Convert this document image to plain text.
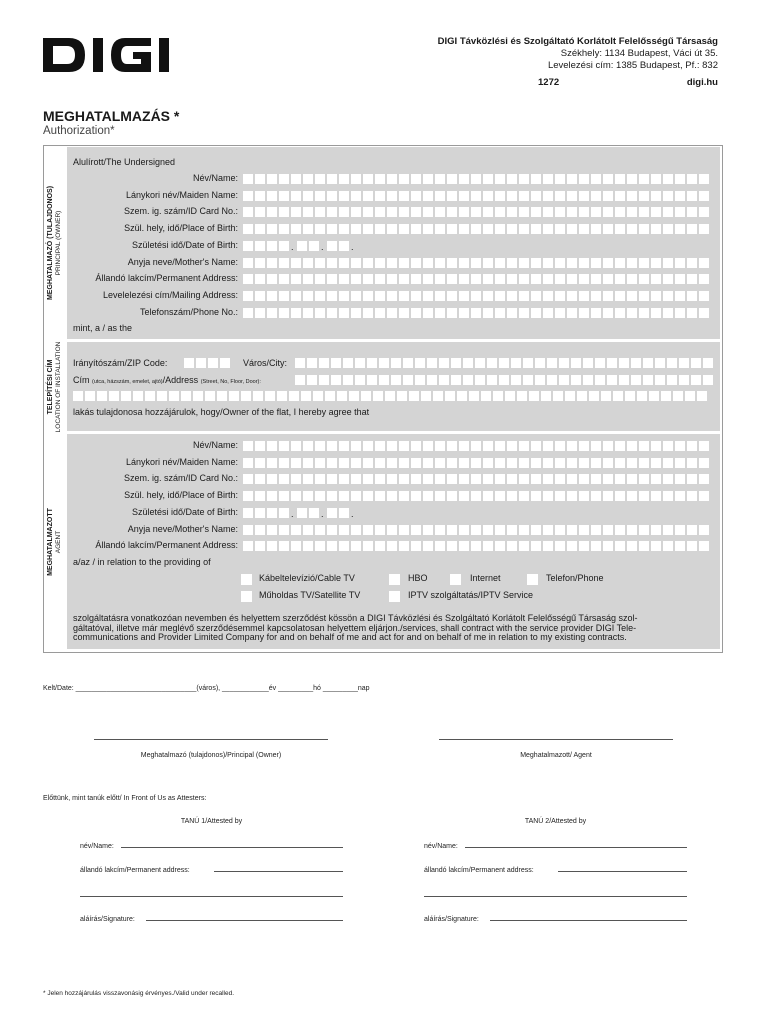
DIGI Távközlési és Szolgáltató Korlátolt Felelősségű Társaság
Székhely: 1134 Budapest, Váci út 35.
Levelezési cím: 1385 Budapest, Pf.: 832
1272	digi.hu
MEGHATALMAZÁS *
Authorization*
MEGHATALMAZÓ (TULAJDONOS) PRINCIPAL (OWNER)
Alulírott/The Undersigned
Név/Name:
Lánykori név/Maiden Name:
Szem. ig. szám/ID Card No.:
Szül. hely, idő/Place of Birth:
Születési idő/Date of Birth:	.	.	.
Anyja neve/Mother's Name:
Állandó lakcím/Permanent Address:
Levelelezési cím/Mailing Address:
Telefonszám/Phone No.:
mint, a / as the
TELEPÍTÉSI CÍM LOCATION OF INSTALLATION Irányítószám/ZIP Code:	Város/City:
Cím (utca, házszám, emelet, ajtó)/Address (Street, No, Floor, Door):
lakás tulajdonosa hozzájárulok, hogy/Owner of the flat, I hereby agree that
MEGHATALMAZOTT AGENT
Név/Name:
Lánykori név/Maiden Name:
Szem. ig. szám/ID Card No.:
Szül. hely, idő/Place of Birth:
Születési idő/Date of Birth:	.	.	.
Anyja neve/Mother's Name:
Állandó lakcím/Permanent Address:
a/az / in relation to the providing of
Kábeltelevízió/Cable TV	HBO	Internet	Telefon/Phone
Műholdas TV/Satellite TV	IPTV szolgáltatás/IPTV Service
szolgáltatásra vonatkozóan nevemben és helyettem szerződést kössön a DIGI Távközlési és Szolgáltató Korlátolt Felelősségű Társaság szol-
gáltatóval, illetve már meglévő szerződésemmel kapcsolatosan helyettem eljárjon./services, shall contract with the service provider DIGI Tele-
communications and Provider Limited Company for and on behalf of me and act for and on behalf of me in relation to my existing contracts.
Kelt/Date: _______________________________(város), ____________év _________hó _________nap
Meghatalmazó (tulajdonos)/Principal (Owner)	Meghatalmazott/ Agent
Előttünk, mint tanúk előtt/ In Front of Us as Attesters:
TANÚ 1/Attested by	TANÚ 2/Attested by
név/Name:
állandó lakcím/Permanent address:
aláírás/Signature:
név/Name:
állandó lakcím/Permanent address:
aláírás/Signature:
* Jelen hozzájárulás visszavonásig érvényes./Valid under recalled.
